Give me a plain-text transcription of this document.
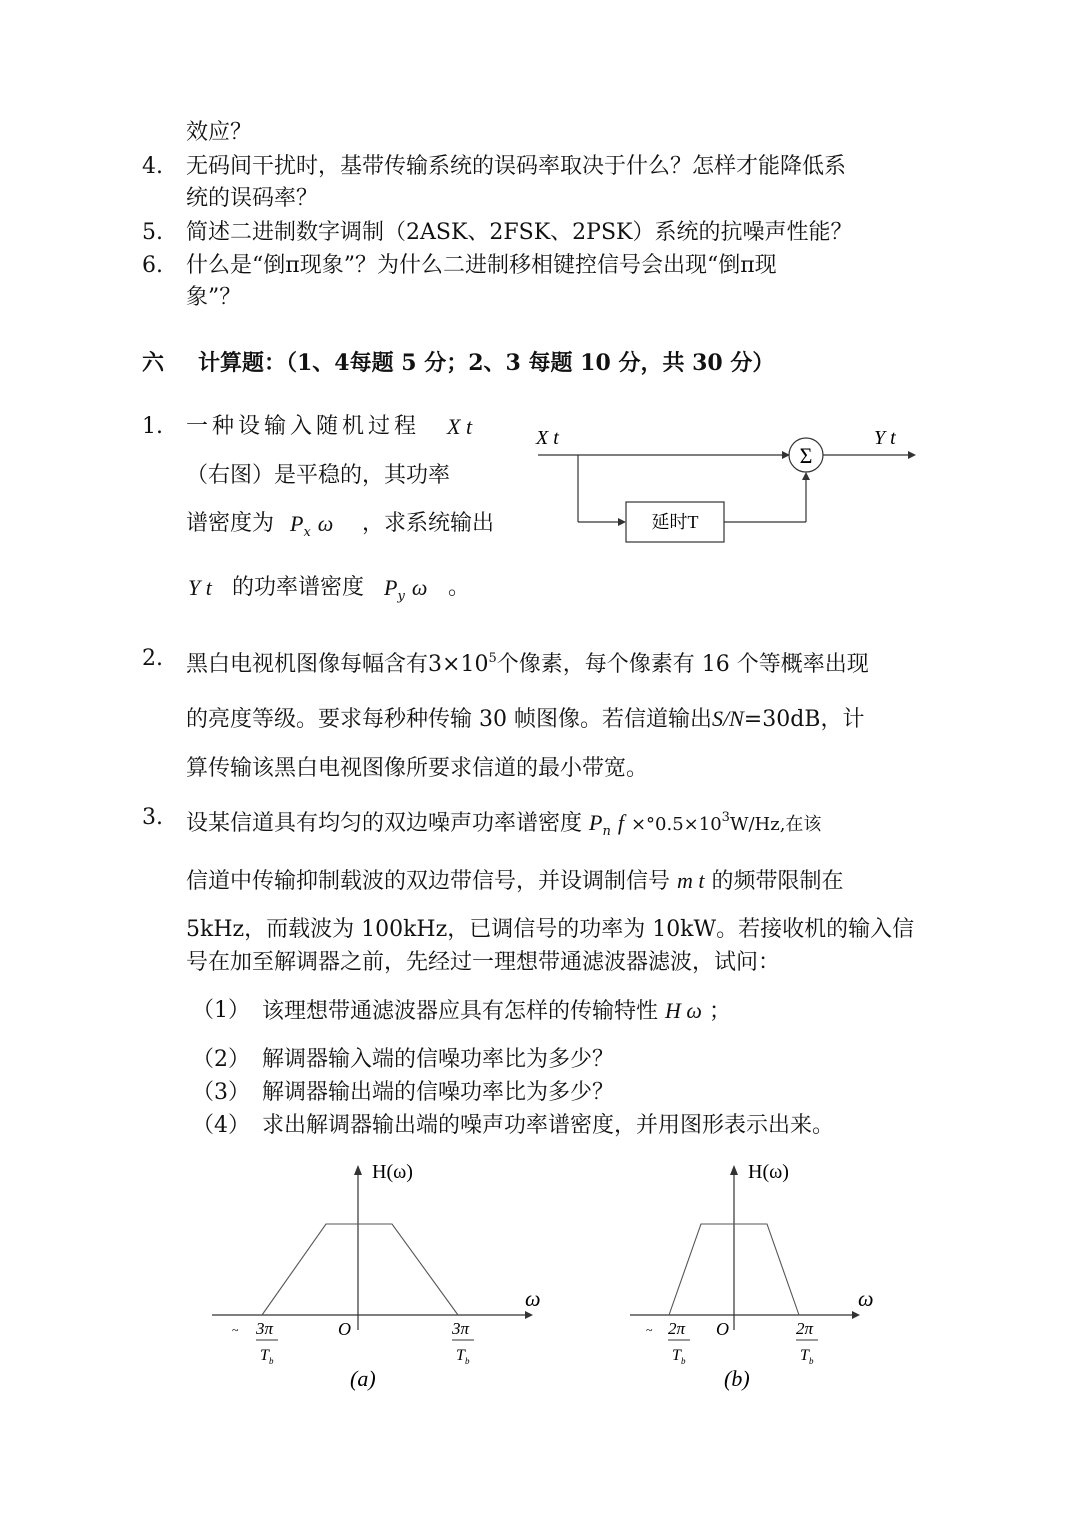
效应？
4. 无码间干扰时，基带传输系统的误码率取决于什么？怎样才能降低系
统的误码率？
5. 简述二进制数字调制（2ASK、2FSK、2PSK）系统的抗噪声性能？
6. 什么是“倒π现象”？为什么二进制移相键控信号会出现“倒π现
象”？
六 计算题：（1、4每题 5 分；2、3 每题 10 分，共 30 分）
1. 一种设输入随机过程 X t
（右图）是平稳的，其功率
谱密度为 $P_x$ ω ，求系统输出
Y t 的功率谱密度 $P_y$ ω 。
X t	Y t
Σ
延时T
2. 黑白电视机图像每幅含有$3\times 10^5$个像素，每个像素有 16 个等概率出现
的亮度等级。要求每秒种传输 30 帧图像。若信道输出S/N=30dB，计
算传输该黑白电视图像所要求信道的最小带宽。
3. 设某信道具有均匀的双边噪声功率谱密度 $P_n$ $f \times^\circ 0.5\times 10^3W/Hz$,在该
信道中传输抑制载波的双边带信号，并设调制信号 m t 的频带限制在
5kHz，而载波为 100kHz，已调信号的功率为 10kW。若接收机的输入信
号在加至解调器之前，先经过一理想带通滤波器滤波，试问：
（1） 该理想带通滤波器应具有怎样的传输特性 H ω ；
（2） 解调器输入端的信噪功率比为多少？
（3） 解调器输出端的信噪功率比为多少？
（4） 求出解调器输出端的噪声功率谱密度，并用图形表示出来。
H(ω)
ω
O
~ 3π
T b
3π
T b
(a)
H(ω)
ω
O
~ 2π
T b
2π
T b
(b)
